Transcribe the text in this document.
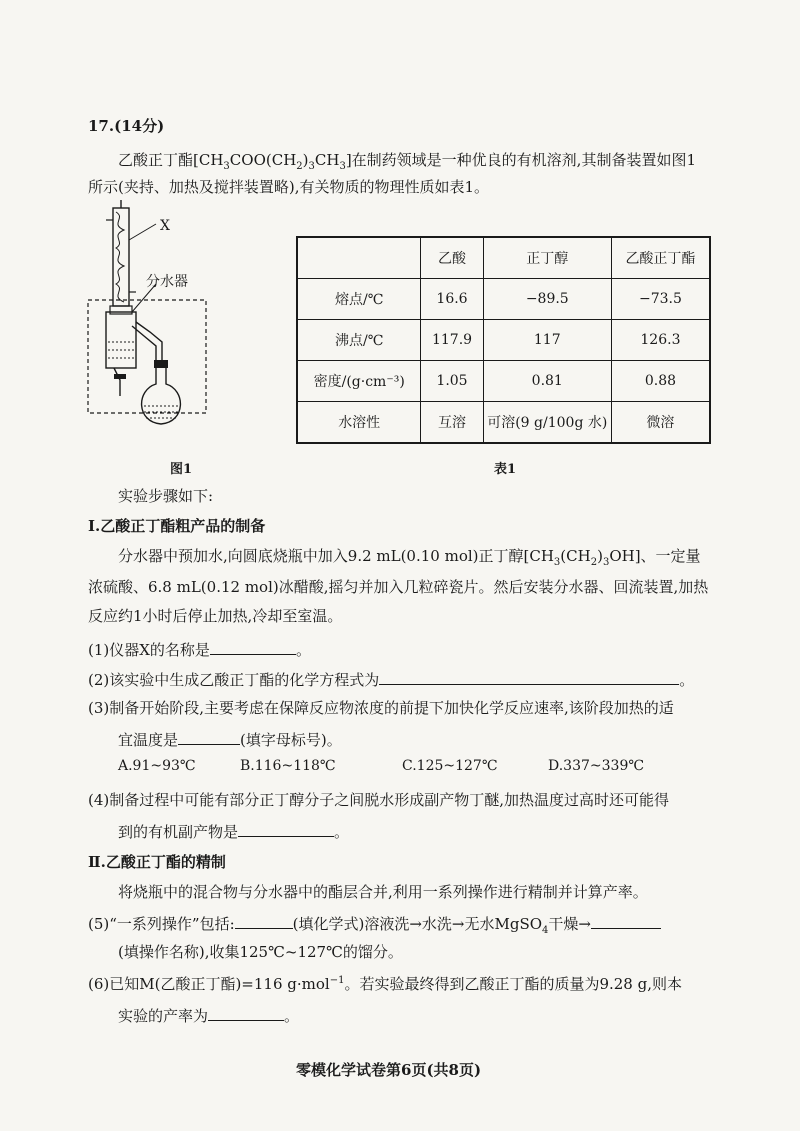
17.(14分)
乙酸正丁酯$[CH_3COO(CH_2)_3CH_3]$在制药领域是一种优良的有机溶剂,其制备装置如图1
所示(夹持、加热及搅拌装置略),有关物质的物理性质如表1。
X
分水器
图1
	乙酸	正丁醇	乙酸正丁酯
熔点/℃	16.6	−89.5	−73.5
沸点/℃	117.9	117	126.3
密度/(g·cm⁻³)	1.05	0.81	0.88
水溶性	互溶	可溶(9 g/100g 水)	微溶
表1
实验步骤如下:
Ⅰ.乙酸正丁酯粗产品的制备
分水器中预加水,向圆底烧瓶中加入9.2 mL(0.10 mol)正丁醇$[CH_3(CH_2)_3OH]$、一定量
浓硫酸、6.8 mL(0.12 mol)冰醋酸,摇匀并加入几粒碎瓷片。然后安装分水器、回流装置,加热
反应约1小时后停止加热,冷却至室温。
(1)仪器X的名称是	。
(2)该实验中生成乙酸正丁酯的化学方程式为	。
(3)制备开始阶段,主要考虑在保障反应物浓度的前提下加快化学反应速率,该阶段加热的适
宜温度是	(填字母标号)。
A.91~93℃	B.116~118℃	C.125~127℃	D.337~339℃
(4)制备过程中可能有部分正丁醇分子之间脱水形成副产物丁醚,加热温度过高时还可能得
到的有机副产物是	。
Ⅱ.乙酸正丁酯的精制
将烧瓶中的混合物与分水器中的酯层合并,利用一系列操作进行精制并计算产率。
(5)“一系列操作”包括:	(填化学式)溶液洗→水洗→无水MgSO$_4$干燥→
(填操作名称),收集125℃~127℃的馏分。
(6)已知M(乙酸正丁酯)=116 g·mol$^{-1}$。若实验最终得到乙酸正丁酯的质量为9.28 g,则本
实验的产率为	。
零模化学试卷第6页(共8页)
